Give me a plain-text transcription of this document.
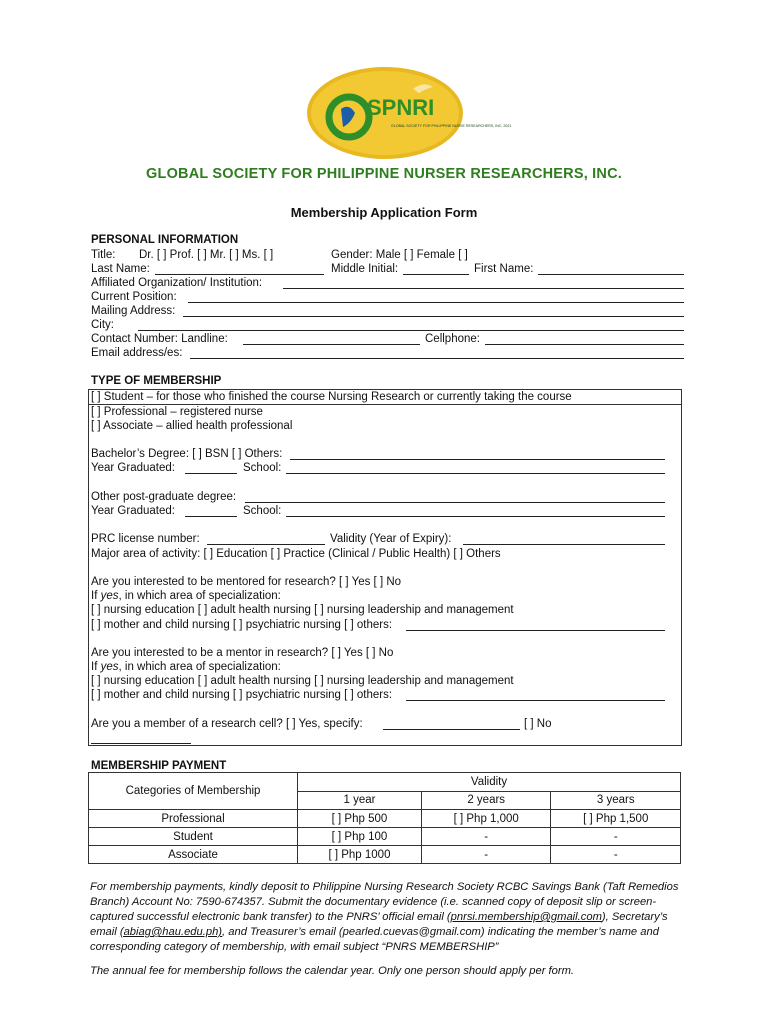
SPNRI
GLOBAL SOCIETY FOR PHILIPPINE NURSE RESEARCHERS, INC. 2021
GLOBAL SOCIETY FOR PHILIPPINE NURSER RESEARCHERS, INC.
Membership Application Form
PERSONAL INFORMATION
Title: Dr. [ ] Prof. [ ] Mr. [ ] Ms. [ ]	Gender: Male [ ] Female [ ]
Last Name:	Middle Initial:	First Name:
Affiliated Organization/ Institution:
Current Position:
Mailing Address:
City:
Contact Number: Landline:	Cellphone:
Email address/es:
TYPE OF MEMBERSHIP
[ ] Student – for those who finished the course Nursing Research or currently taking the course
[ ] Professional – registered nurse
[ ] Associate – allied health professional
Bachelor’s Degree: [ ] BSN [ ] Others:
Year Graduated:	School:
Other post-graduate degree:
Year Graduated:	School:
PRC license number:	Validity (Year of Expiry):
Major area of activity: [ ] Education [ ] Practice (Clinical / Public Health) [ ] Others
Are you interested to be mentored for research? [ ] Yes [ ] No
If yes, in which area of specialization:
[ ] nursing education [ ] adult health nursing [ ] nursing leadership and management
[ ] mother and child nursing [ ] psychiatric nursing [ ] others:
Are you interested to be a mentor in research? [ ] Yes [ ] No
If yes, in which area of specialization:
[ ] nursing education [ ] adult health nursing [ ] nursing leadership and management
[ ] mother and child nursing [ ] psychiatric nursing [ ] others:
Are you a member of a research cell? [ ] Yes, specify:	[ ] No
MEMBERSHIP PAYMENT
Categories of Membership	Validity		
	1 year	2 years	3 years
Professional	[ ] Php 500	[ ] Php 1,000	[ ] Php 1,500
Student	[ ] Php 100	-	-
Associate	[ ] Php 1000	-	-
For membership payments, kindly deposit to Philippine Nursing Research Society RCBC Savings Bank (Taft Remedios Branch) Account No: 7590-674357. Submit the documentary evidence (i.e. scanned copy of deposit slip or screen-captured successful electronic bank transfer) to the PNRS’ official email (pnrsi.membership@gmail.com), Secretary’s email (abiag@hau.edu.ph), and Treasurer’s email (pearled.cuevas@gmail.com) indicating the member’s name and corresponding category of membership, with email subject “PNRS MEMBERSHIP”
The annual fee for membership follows the calendar year. Only one person should apply per form.
